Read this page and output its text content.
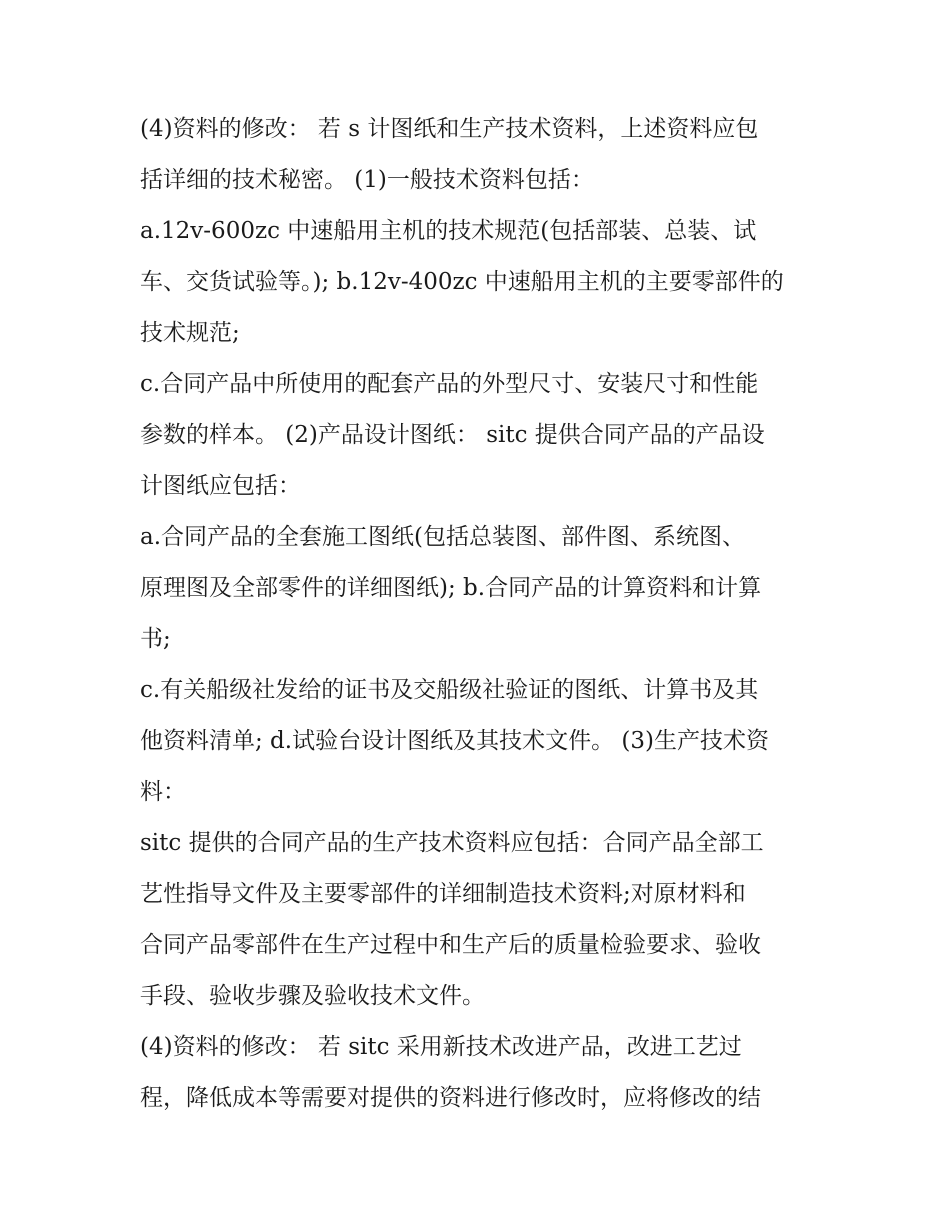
(4)资料的修改： 若 s 计图纸和生产技术资料，上述资料应包
括详细的技术秘密。 (1)一般技术资料包括：
a.12v-600zc 中速船用主机的技术规范(包括部装、总装、试
车、交货试验等。); b.12v-400zc 中速船用主机的主要零部件的
技术规范;
c.合同产品中所使用的配套产品的外型尺寸、安装尺寸和性能
参数的样本。 (2)产品设计图纸： sitc 提供合同产品的产品设
计图纸应包括：
a.合同产品的全套施工图纸(包括总装图、部件图、系统图、
原理图及全部零件的详细图纸); b.合同产品的计算资料和计算
书;
c.有关船级社发给的证书及交船级社验证的图纸、计算书及其
他资料清单; d.试验台设计图纸及其技术文件。 (3)生产技术资
料：
sitc 提供的合同产品的生产技术资料应包括：合同产品全部工
艺性指导文件及主要零部件的详细制造技术资料;对原材料和
合同产品零部件在生产过程中和生产后的质量检验要求、验收
手段、验收步骤及验收技术文件。
(4)资料的修改： 若 sitc 采用新技术改进产品，改进工艺过
程，降低成本等需要对提供的资料进行修改时，应将修改的结
